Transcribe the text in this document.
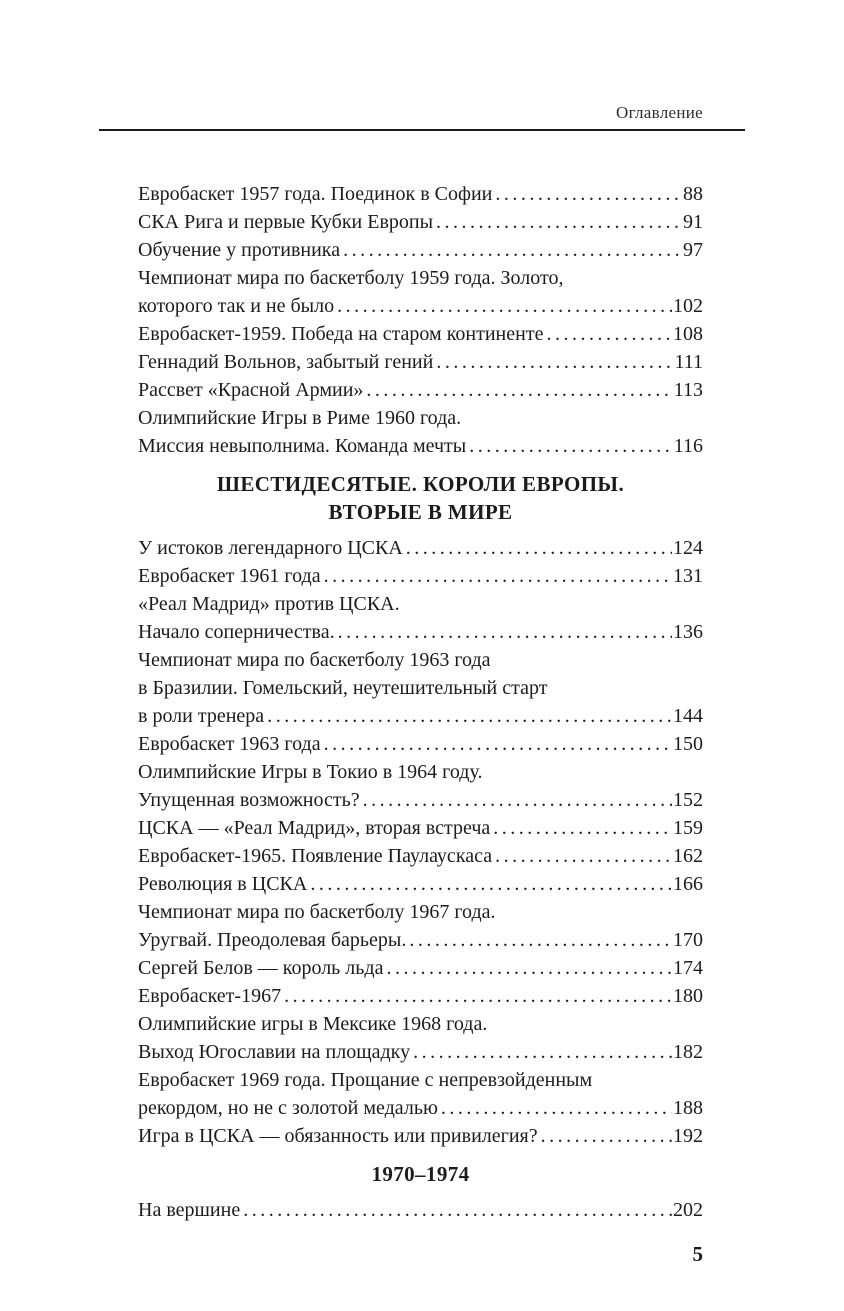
Оглавление
Евробаскет 1957 года. Поединок в Софии .....	88
СКА Рига и первые Кубки Европы .....	91
Обучение у противника .....	97
Чемпионат мира по баскетболу 1959 года. Золото,
которого так и не было .....	102
Евробаскет-1959. Победа на старом континенте .....	108
Геннадий Вольнов, забытый гений .....	111
Рассвет «Красной Армии» .....	113
Олимпийские Игры в Риме 1960 года.
Миссия невыполнима. Команда мечты .....	116
ШЕСТИДЕСЯТЫЕ. КОРОЛИ ЕВРОПЫ.
ВТОРЫЕ В МИРЕ
У истоков легендарного ЦСКА .....	124
Евробаскет 1961 года .....	131
«Реал Мадрид» против ЦСКА.
Начало соперничества. .....	136
Чемпионат мира по баскетболу 1963 года
в Бразилии. Гомельский, неутешительный старт
в роли тренера .....	144
Евробаскет 1963 года .....	150
Олимпийские Игры в Токио в 1964 году.
Упущенная возможность? .....	152
ЦСКА — «Реал Мадрид», вторая встреча .....	159
Евробаскет-1965. Появление Паулаускаса .....	162
Революция в ЦСКА .....	166
Чемпионат мира по баскетболу 1967 года.
Уругвай. Преодолевая барьеры. .....	170
Сергей Белов — король льда .....	174
Евробаскет-1967 .....	180
Олимпийские игры в Мексике 1968 года.
Выход Югославии на площадку .....	182
Евробаскет 1969 года. Прощание с непревзойденным
рекордом, но не с золотой медалью .....	188
Игра в ЦСКА — обязанность или привилегия? .....	192
1970–1974
На вершине .....	202
5
